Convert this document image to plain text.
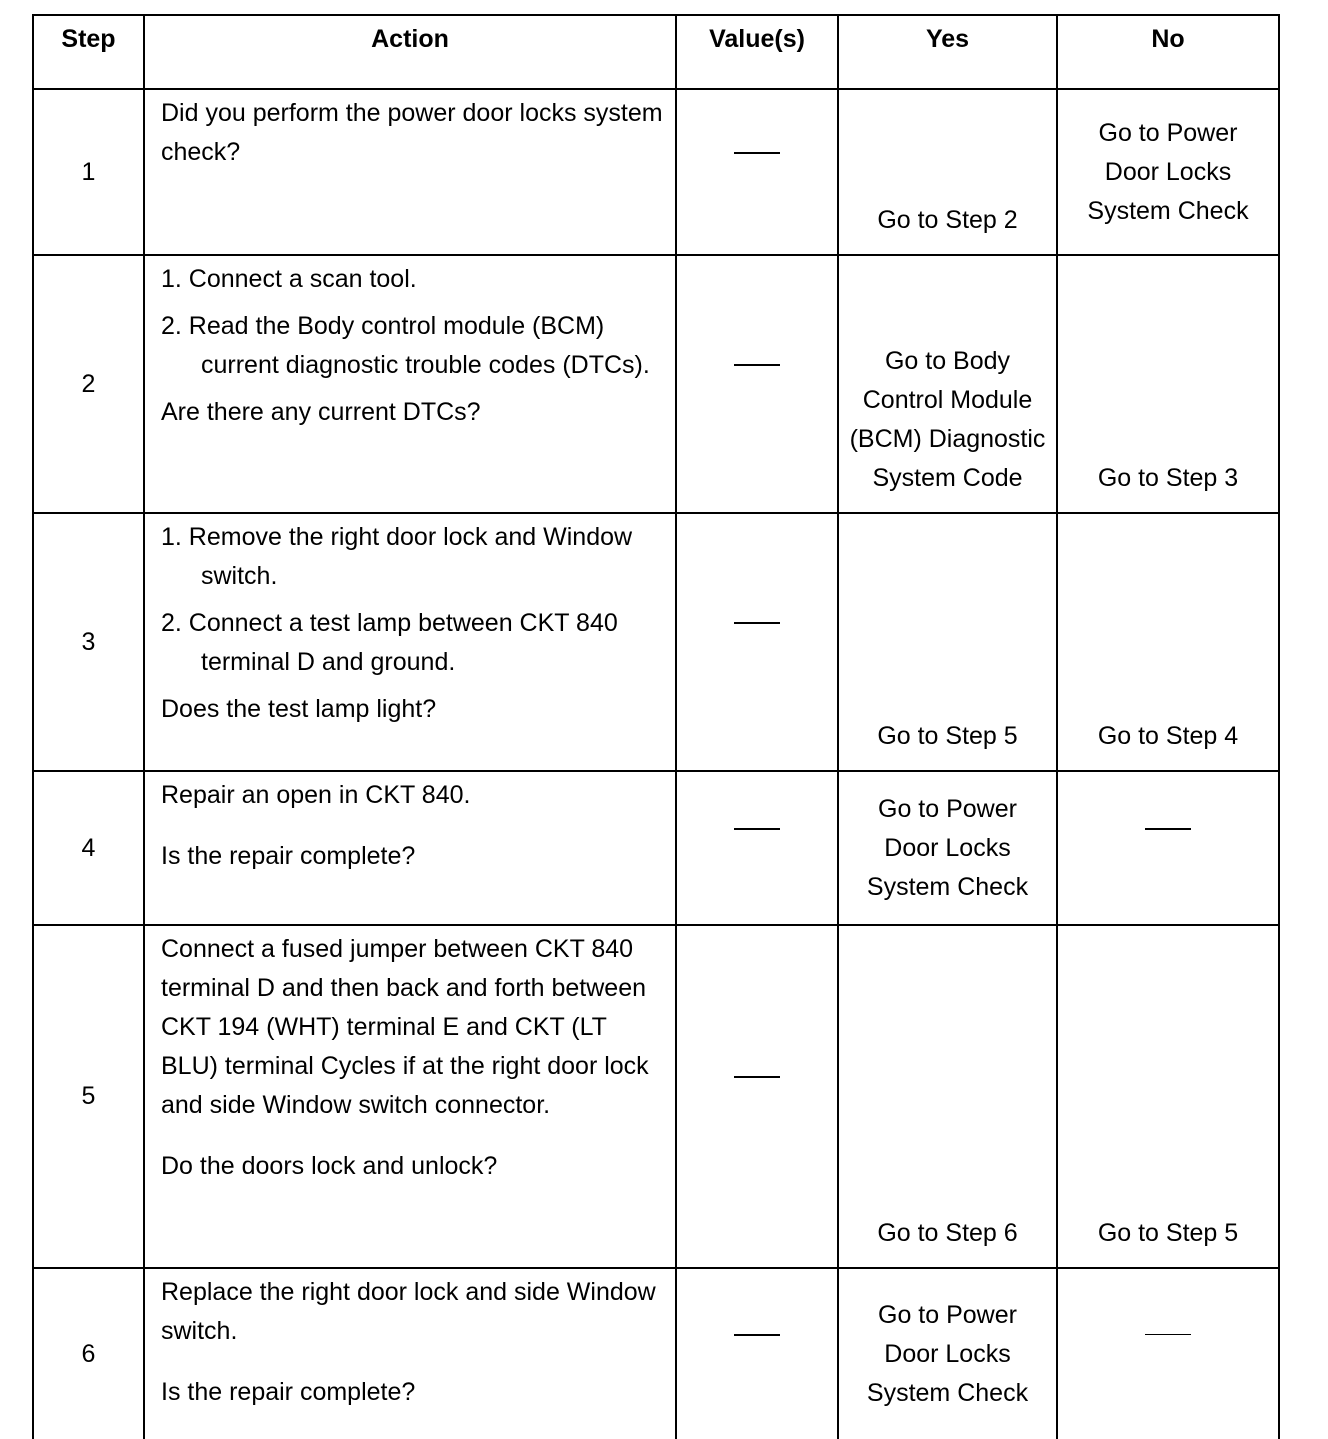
Step	Action	Value(s)	Yes	No
1	Did you perform the power door locks system check?		Go to Step 2	Go to Power Door Locks System Check
2	1. Connect a scan tool.

2. Read the Body control module (BCM) current diagnostic trouble codes (DTCs).

Are there any current DTCs?		Go to Body Control Module (BCM) Diagnostic System Code	Go to Step 3
3	1. Remove the right door lock and Window switch.

2. Connect a test lamp between CKT 840 terminal D and ground.

Does the test lamp light?		Go to Step 5	Go to Step 4
4	Repair an open in CKT 840.

Is the repair complete?		Go to Power Door Locks System Check	
5	Connect a fused jumper between CKT 840 terminal D and then back and forth between CKT 194 (WHT) terminal E and CKT (LT BLU) terminal Cycles if at the right door lock and side Window switch connector.

Do the doors lock and unlock?		Go to Step 6	Go to Step 5
6	Replace the right door lock and side Window switch.

Is the repair complete?		Go to Power Door Locks System Check	
